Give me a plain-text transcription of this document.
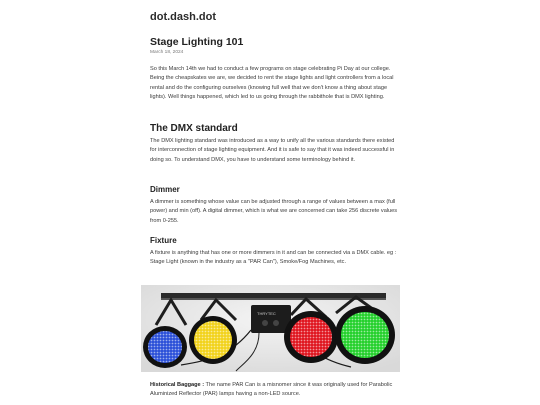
dot.dash.dot
Stage Lighting 101
March 18, 2024

So this March 14th we had to conduct a few programs on stage celebrating Pi Day at our college. Being the cheapskates we are, we decided to rent the stage lights and light controllers from a local rental and do the configuring ourselves (knowing full well that we don't know a thing about stage lights). Well things happened, which led to us going through the rabbithole that is DMX lighting.

The DMX standard

The DMX lighting standard was introduced as a way to unify all the various standards there existed for interconnection of stage lighting equipment. And it is safe to say that it was indeed successful in doing so. To understand DMX, you have to understand some terminology behind it.

Dimmer

A dimmer is something whose value can be adjusted through a range of values between a max (full power) and min (off). A digital dimmer, which is what we are concerned can take 256 discrete values from 0-255.

Fixture

A fixture is anything that has one or more dimmers in it and can be connected via a DMX cable. eg : Stage Light (known in the industry as a "PAR Can"), Smoke/Fog Machines, etc.

THRYTEC

Historical Baggage : The name PAR Can is a misnomer since it was originally used for Parabolic Aluminized Reflector (PAR) lamps having a non-LED source.
